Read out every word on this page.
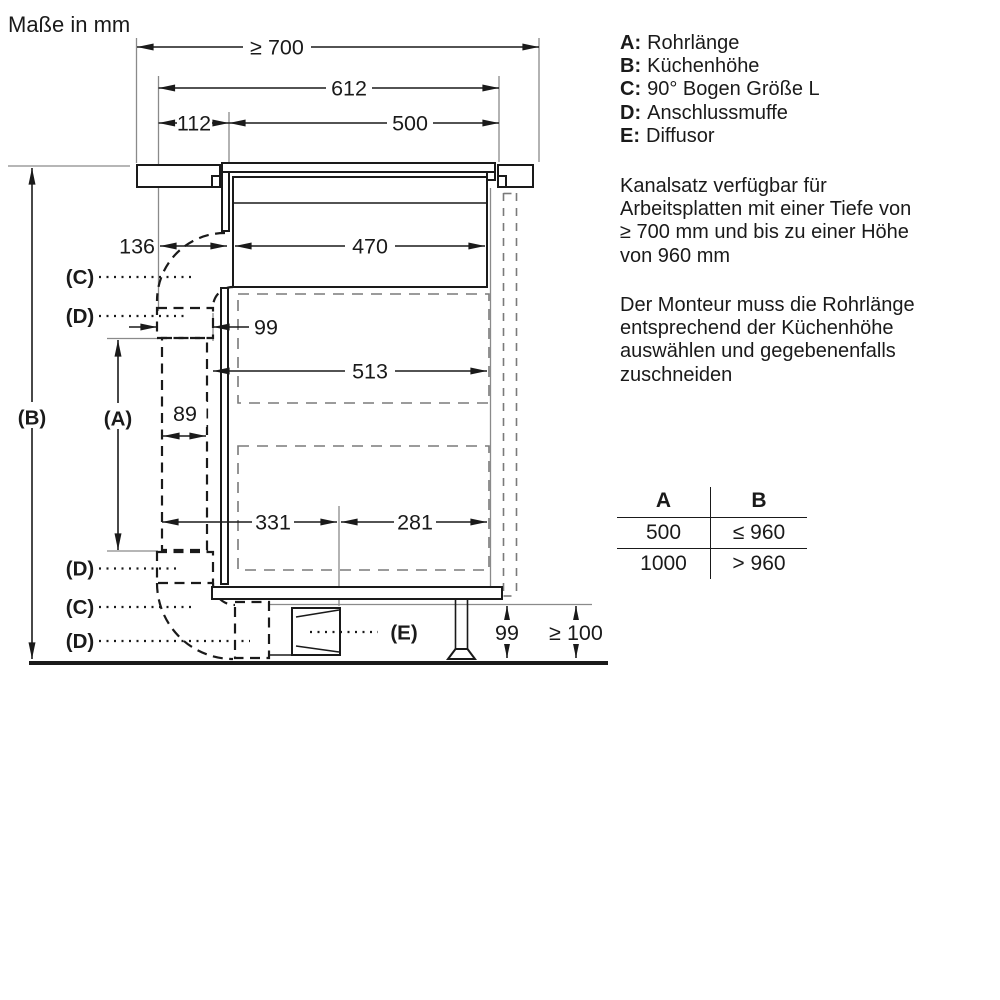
≥ 700
612
112	500
136	470
99
513
89
331	281
(B)	(A)
99 ≥ 100
(C)
(D)
(D)
(C)
(D)	(E)
Maße in mm
A: Rohrlänge
B: Küchenhöhe
C: 90° Bogen Größe L
D: Anschlussmuffe
E: Diffusor
Kanalsatz verfügbar für
Arbeitsplatten mit einer Tiefe von
≥ 700 mm und bis zu einer Höhe
von 960 mm
Der Monteur muss die Rohrlänge
entsprechend der Küchenhöhe
auswählen und gegebenenfalls
zuschneiden
A	B
500	≤ 960
1000	> 960
